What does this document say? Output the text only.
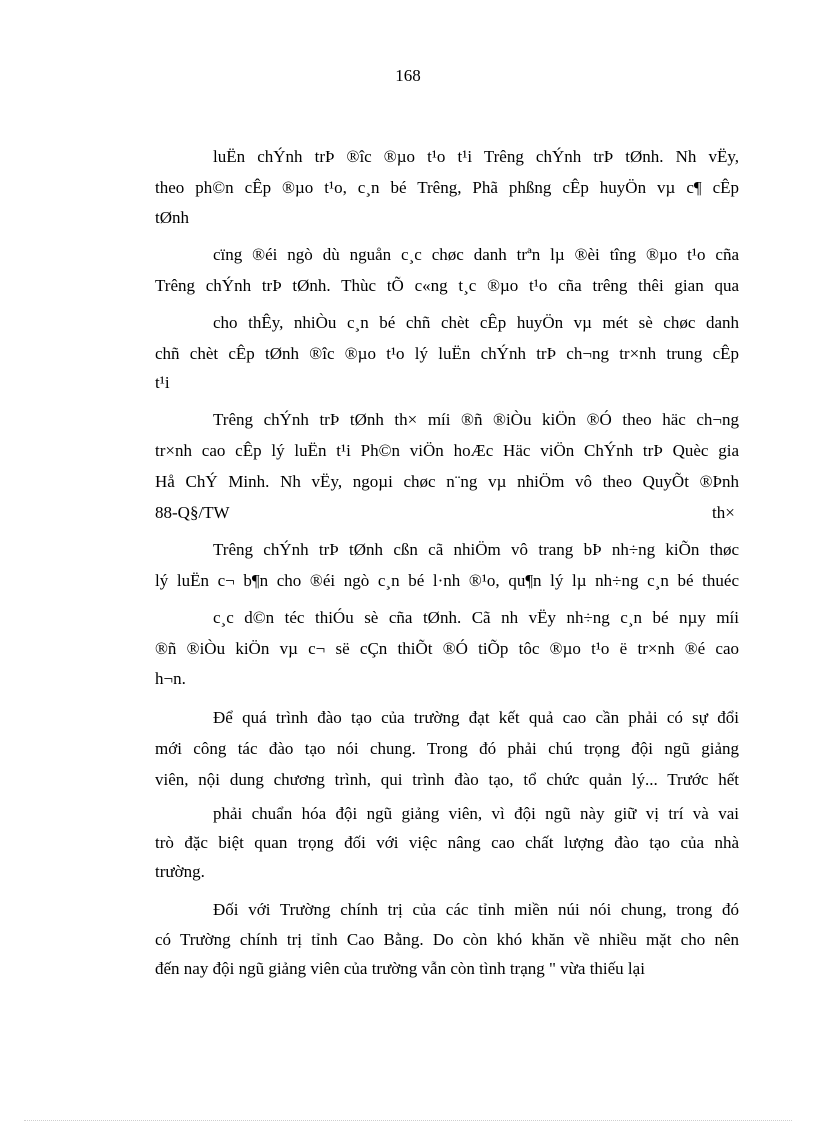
168
luËn chÝnh trÞ ®îc ®µo t¹o t¹i Trêng chÝnh trÞ tØnh. Nh vËy,
theo ph©n cÊp ®µo t¹o, c¸n bé Trêng, Phã phßng cÊp huyÖn vµ c¶ cÊp
tØnh
cïng ®éi ngò dù nguån c¸c chøc danh trªn lµ ®èi tîng ®µo t¹o cña
Trêng chÝnh trÞ tØnh. Thùc tÕ c«ng t¸c ®µo t¹o cña trêng thêi gian qua
cho thÊy, nhiÒu c¸n bé chñ chèt cÊp huyÖn vµ mét sè chøc danh
chñ chèt cÊp tØnh ®îc ®µo t¹o lý luËn chÝnh trÞ ch¬ng tr×nh trung cÊp
t¹i
Trêng chÝnh trÞ tØnh th× míi ®ñ ®iÒu kiÖn ®Ó theo häc ch¬ng
tr×nh cao cÊp lý luËn t¹i Ph©n viÖn hoÆc Häc viÖn ChÝnh trÞ Quèc gia
Hå ChÝ Minh. Nh vËy, ngoµi chøc n¨ng vµ nhiÖm vô theo QuyÕt ®Þnh
88-Q§/TW	th×
Trêng chÝnh trÞ tØnh cßn cã nhiÖm vô trang bÞ nh÷ng kiÕn thøc
lý luËn c¬ b¶n cho ®éi ngò c¸n bé l·nh ®¹o, qu¶n lý lµ nh÷ng c¸n bé thuéc
c¸c d©n téc thiÓu sè cña tØnh. Cã nh vËy nh÷ng c¸n bé nµy míi
®ñ ®iÒu kiÖn vµ c¬ së cÇn thiÕt ®Ó tiÕp tôc ®µo t¹o ë tr×nh ®é cao
h¬n.
Để quá trình đào tạo của trường đạt kết quả cao cần phải có sự đổi
mới công tác đào tạo nói chung. Trong đó phải chú trọng đội ngũ giảng
viên, nội dung chương trình, qui trình đào tạo, tổ chức quản lý... Trước hết
phải chuẩn hóa đội ngũ giảng viên, vì đội ngũ này giữ vị trí và vai
trò đặc biệt quan trọng đối với việc nâng cao chất lượng đào tạo của nhà
trường.
Đối với Trường chính trị của các tỉnh miền núi nói chung, trong đó
có Trường chính trị tỉnh Cao Bằng. Do còn khó khăn về nhiều mặt cho nên
đến nay đội ngũ giảng viên của trường vẫn còn tình trạng " vừa thiếu lại
